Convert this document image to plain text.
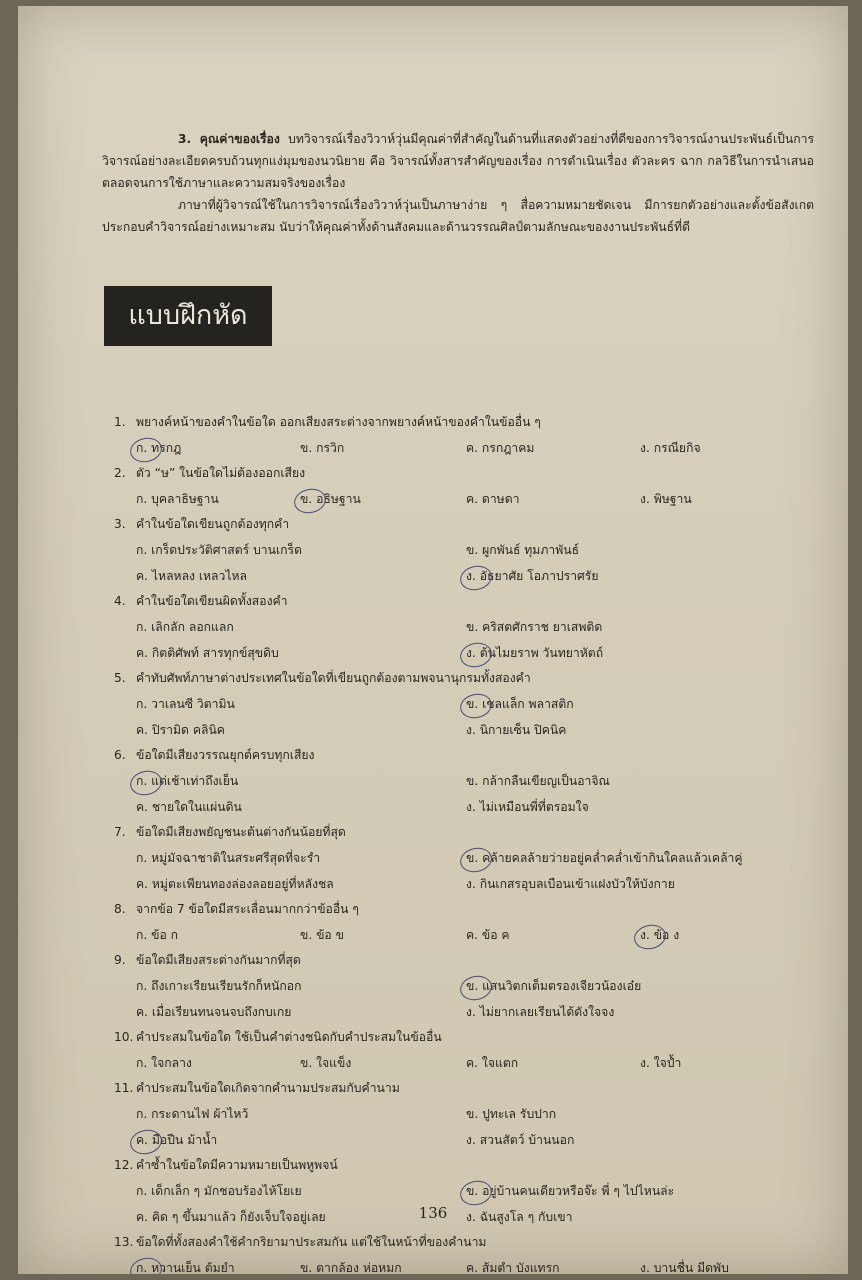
3. คุณค่าของเรื่อง บทวิจารณ์เรื่องวิวาห์วุ่นมีคุณค่าที่สำคัญในด้านที่แสดงตัวอย่างที่ดีของการวิจารณ์งานประพันธ์เป็นการวิจารณ์อย่างละเอียดครบถ้วนทุกแง่มุมของนวนิยาย คือ วิจารณ์ทั้งสารสำคัญของเรื่อง การดำเนินเรื่อง ตัวละคร ฉาก กลวิธีในการนำเสนอ ตลอดจนการใช้ภาษาและความสมจริงของเรื่อง

ภาษาที่ผู้วิจารณ์ใช้ในการวิจารณ์เรื่องวิวาห์วุ่นเป็นภาษาง่าย ๆ สื่อความหมายชัดเจน มีการยกตัวอย่างและตั้งข้อสังเกตประกอบคำวิจารณ์อย่างเหมาะสม นับว่าให้คุณค่าทั้งด้านสังคมและด้านวรรณศิลป์ตามลักษณะของงานประพันธ์ที่ดี

แบบฝึกหัด
1. พยางค์หน้าของคำในข้อใด ออกเสียงสระต่างจากพยางค์หน้าของคำในข้ออื่น ๆ
ก. ทรกฎ	ข. กรวิก	ค. กรกฎาคม	ง. กรณียกิจ
2. ตัว “ษ” ในข้อใดไม่ต้องออกเสียง
ก. บุคลาธิษฐาน	ข. อธิษฐาน	ค. ดาษดา	ง. พิษฐาน
3. คำในข้อใดเขียนถูกต้องทุกคำ
ก. เกร็ดประวัติศาสตร์ บานเกร็ด	ข. ผูกพันธ์ ทุมภาพันธ์
ค. ไหลหลง เหลวไหล	ง. อัธยาศัย โอภาปราศรัย
4. คำในข้อใดเขียนผิดทั้งสองคำ
ก. เลิกลัก ลอกแลก	ข. คริสตศักราช ยาเสพติด
ค. กิตติศัพท์ สารทุกข์สุขดิบ	ง. ต้นไมยราพ วันทยาหัตถ์
5. คำทับศัพท์ภาษาต่างประเทศในข้อใดที่เขียนถูกต้องตามพจนานุกรมทั้งสองคำ
ก. วาเลนซี วิตามิน	ข. เชลแล็ก พลาสติก
ค. ปิรามิด คลินิค	ง. นิกายเซ็น ปิคนิค
6. ข้อใดมีเสียงวรรณยุกต์ครบทุกเสียง
ก. แต่เช้าเท่าถึงเย็น	ข. กล้ากลืนเขียญเป็นอาจิณ
ค. ชายใดในแผ่นดิน	ง. ไม่เหมือนพี่ที่ตรอมใจ
7. ข้อใดมีเสียงพยัญชนะต้นต่างกันน้อยที่สุด
ก. หมู่มัจฉาชาติในสระศรีสุดที่จะรำ	ข. คล้ายคลล้ายว่ายอยู่คล่ำคล่ำเข้ากินใคลแล้วเคล้าคู่
ค. หมู่ตะเพียนทองล่องลอยอยู่ที่หลังชล	ง. กินเกสรอุบลเบือนเข้าแฝงบัวให้บังกาย
8. จากข้อ 7 ข้อใดมีสระเลื่อนมากกว่าข้ออื่น ๆ
ก. ข้อ ก	ข. ข้อ ข	ค. ข้อ ค	ง. ข้อ ง
9. ข้อใดมีเสียงสระต่างกันมากที่สุด
ก. ถึงเกาะเรียนเรียนรักก็หนักอก	ข. แสนวิตกเต็มตรองเจียวน้องเอ๋ย
ค. เมื่อเรียนทนจนจบถึงกบเกย	ง. ไม่ยากเลยเรียนได้ดังใจจง
10. คำประสมในข้อใด ใช้เป็นคำต่างชนิดกับคำประสมในข้ออื่น
ก. ใจกลาง	ข. ใจแข็ง	ค. ใจแตก	ง. ใจป้ำ
11. คำประสมในข้อใดเกิดจากคำนามประสมกับคำนาม
ก. กระดานไฟ ผ้าไหว้	ข. ปูทะเล รับปาก
ค. มือปืน ม้าน้ำ	ง. สวนสัตว์ บ้านนอก
12. คำซ้ำในข้อใดมีความหมายเป็นพหูพจน์
ก. เด็กเล็ก ๆ มักชอบร้องไห้โยเย	ข. อยู่บ้านคนเดียวหรือจ๊ะ พี่ ๆ ไปไหนล่ะ
ค. คิด ๆ ขึ้นมาแล้ว ก็ยังเจ็บใจอยู่เลย	ง. ฉันสูงโล ๆ กับเขา
13. ข้อใดที่ทั้งสองคำใช้คำกริยามาประสมกัน แต่ใช้ในหน้าที่ของคำนาม
ก. หวานเย็น ต้มยำ	ข. ตากล้อง ห่อหมก	ค. ส้มตำ บังแทรก	ง. บานชื่น มีดพับ
136
